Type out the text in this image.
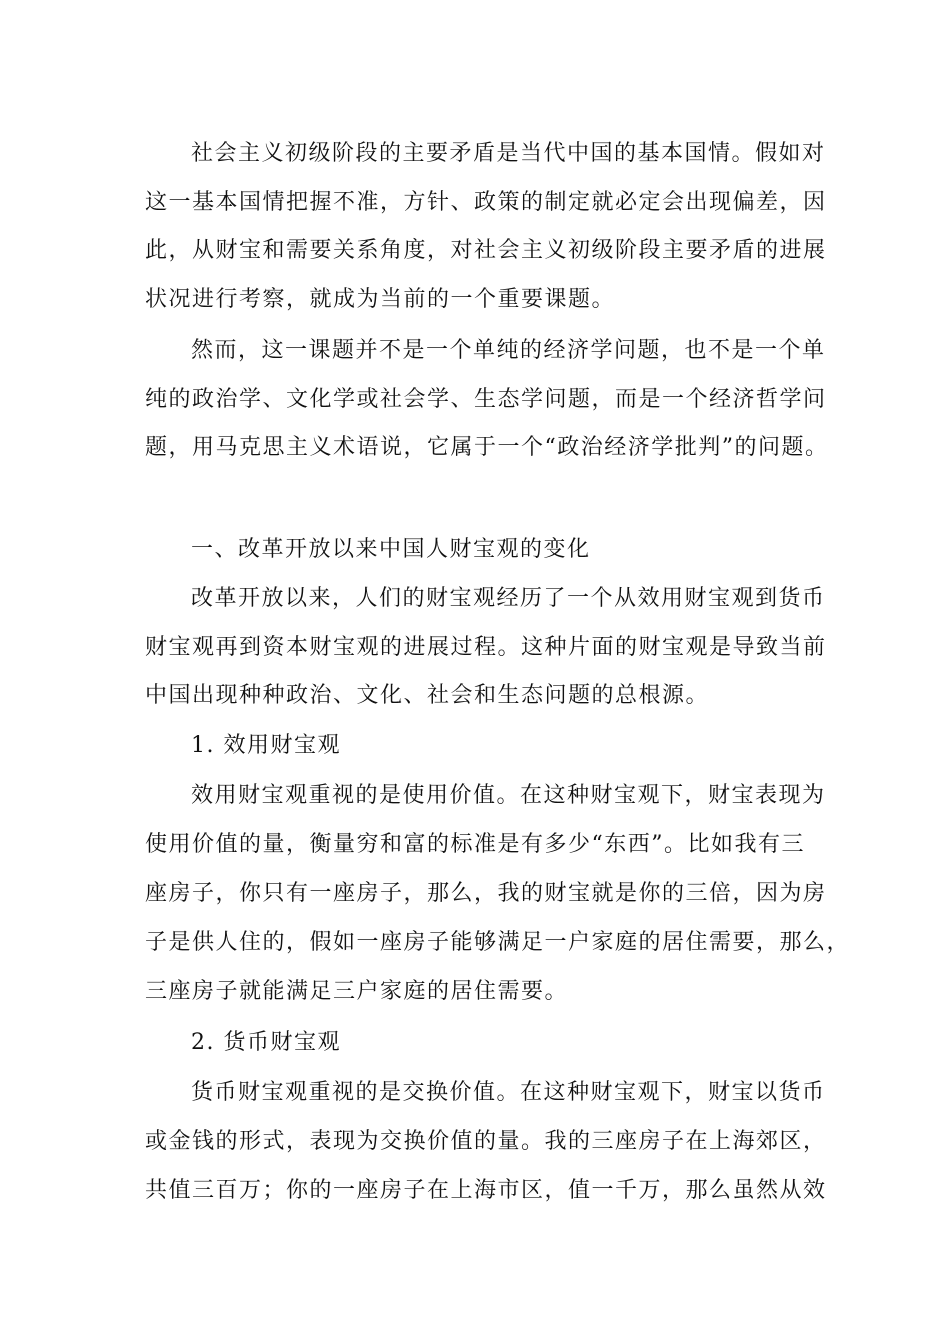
社会主义初级阶段的主要矛盾是当代中国的基本国情。假如对
这一基本国情把握不准，方针、政策的制定就必定会出现偏差，因
此，从财宝和需要关系角度，对社会主义初级阶段主要矛盾的进展
状况进行考察，就成为当前的一个重要课题。
然而，这一课题并不是一个单纯的经济学问题，也不是一个单
纯的政治学、文化学或社会学、生态学问题，而是一个经济哲学问
题，用马克思主义术语说，它属于一个“政治经济学批判”的问题。
一、改革开放以来中国人财宝观的变化
改革开放以来，人们的财宝观经历了一个从效用财宝观到货币
财宝观再到资本财宝观的进展过程。这种片面的财宝观是导致当前
中国出现种种政治、文化、社会和生态问题的总根源。
1. 效用财宝观
效用财宝观重视的是使用价值。在这种财宝观下，财宝表现为
使用价值的量，衡量穷和富的标准是有多少“东西”。比如我有三
座房子，你只有一座房子，那么，我的财宝就是你的三倍，因为房
子是供人住的，假如一座房子能够满足一户家庭的居住需要，那么，
三座房子就能满足三户家庭的居住需要。
2. 货币财宝观
货币财宝观重视的是交换价值。在这种财宝观下，财宝以货币
或金钱的形式，表现为交换价值的量。我的三座房子在上海郊区，
共值三百万；你的一座房子在上海市区，值一千万，那么虽然从效
